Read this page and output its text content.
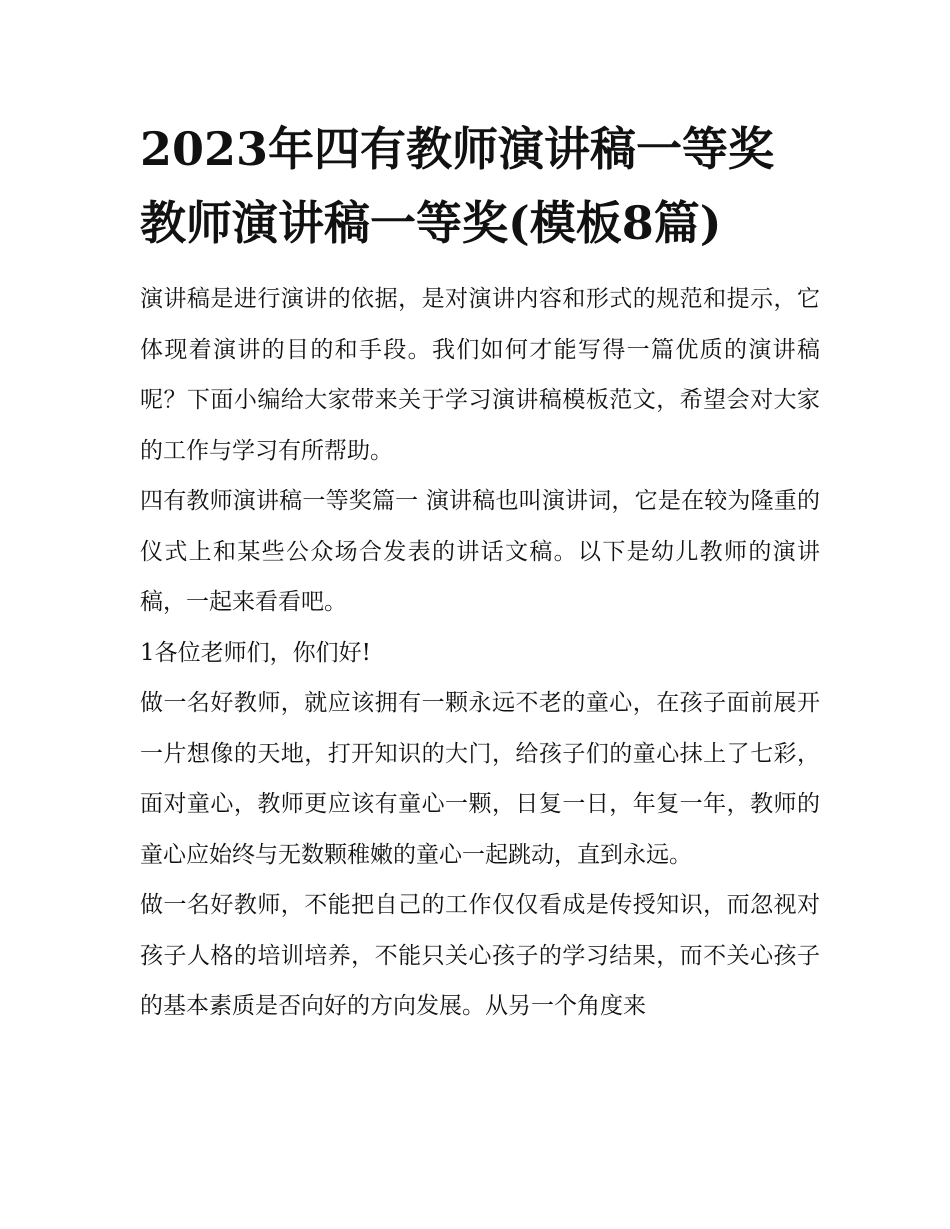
2023年四有教师演讲稿一等奖
教师演讲稿一等奖(模板8篇)

演讲稿是进行演讲的依据，是对演讲内容和形式的规范和提示，它体现着演讲的目的和手段。我们如何才能写得一篇优质的演讲稿呢？下面小编给大家带来关于学习演讲稿模板范文，希望会对大家的工作与学习有所帮助。

四有教师演讲稿一等奖篇一 演讲稿也叫演讲词，它是在较为隆重的仪式上和某些公众场合发表的讲话文稿。以下是幼儿教师的演讲稿，一起来看看吧。

1各位老师们，你们好!

做一名好教师，就应该拥有一颗永远不老的童心，在孩子面前展开一片想像的天地，打开知识的大门，给孩子们的童心抹上了七彩，面对童心，教师更应该有童心一颗，日复一日，年复一年，教师的童心应始终与无数颗稚嫩的童心一起跳动，直到永远。

做一名好教师，不能把自己的工作仅仅看成是传授知识，而忽视对孩子人格的培训培养，不能只关心孩子的学习结果，而不关心孩子的基本素质是否向好的方向发展。从另一个角度来
